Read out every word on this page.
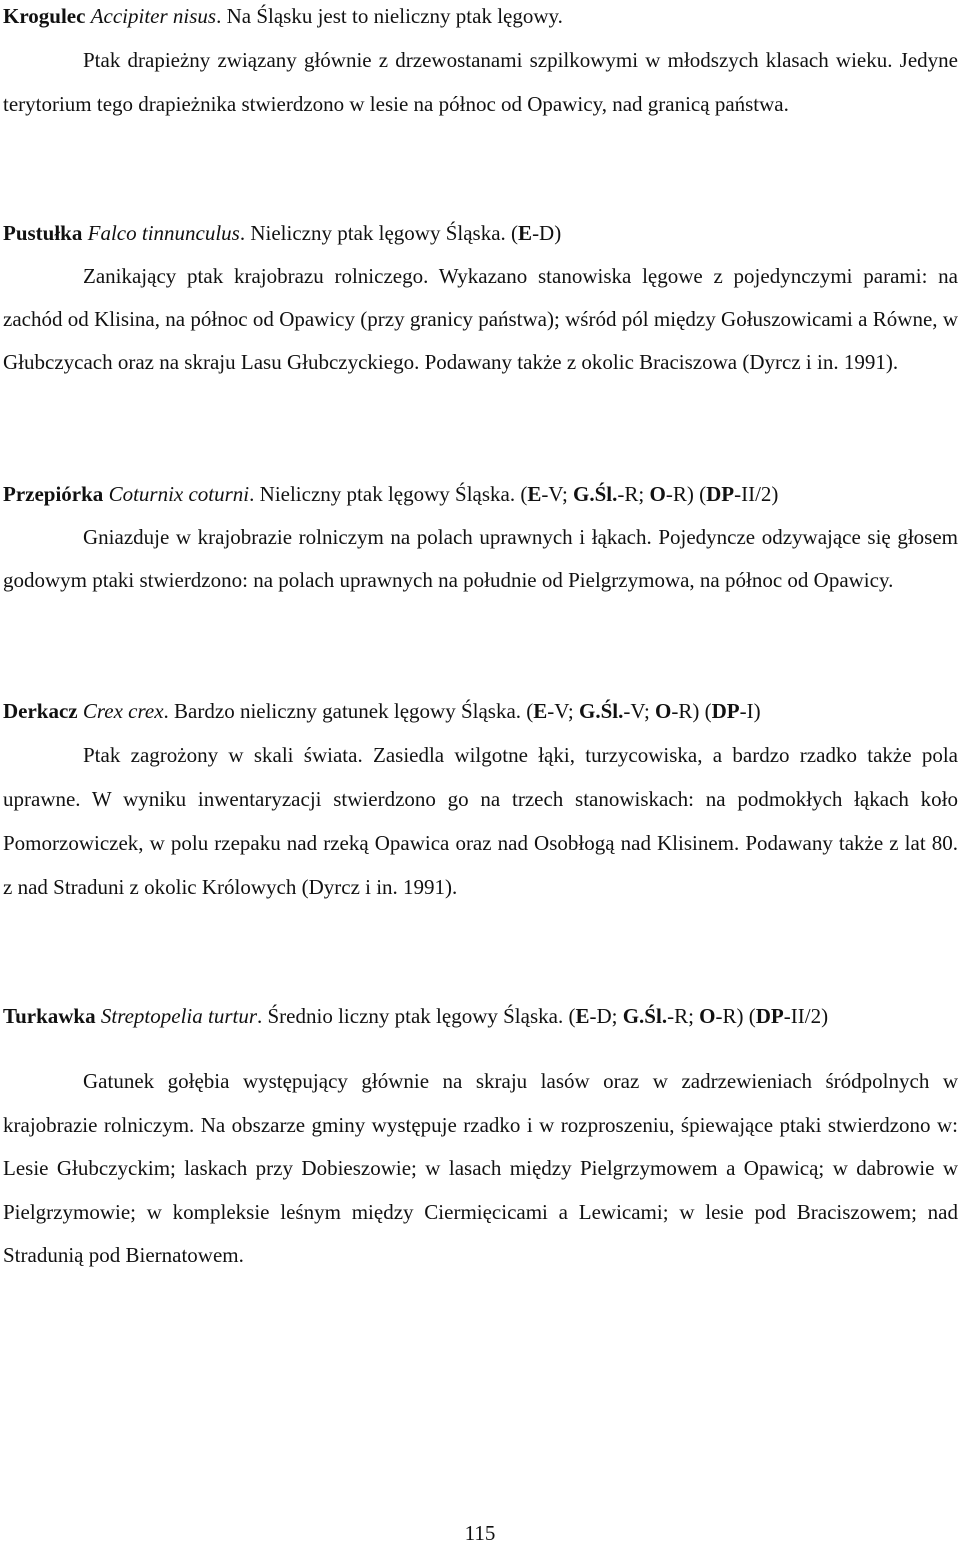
Krogulec Accipiter nisus. Na Śląsku jest to nieliczny ptak lęgowy.

Ptak drapieżny związany głównie z drzewostanami szpilkowymi w młodszych klasach wieku. Jedyne terytorium tego drapieżnika stwierdzono w lesie na północ od Opawicy, nad granicą państwa.

Pustułka Falco tinnunculus. Nieliczny ptak lęgowy Śląska. (E-D)

Zanikający ptak krajobrazu rolniczego. Wykazano stanowiska lęgowe z pojedynczymi parami: na zachód od Klisina, na północ od Opawicy (przy granicy państwa); wśród pól między Gołuszowicami a Równe, w Głubczycach oraz na skraju Lasu Głubczyckiego. Podawany także z okolic Braciszowa (Dyrcz i in. 1991).

Przepiórka Coturnix coturni. Nieliczny ptak lęgowy Śląska. (E-V; G.Śl.-R; O-R) (DP-II/2)

Gniazduje w krajobrazie rolniczym na polach uprawnych i łąkach. Pojedyncze odzywające się głosem godowym ptaki stwierdzono: na polach uprawnych na południe od Pielgrzymowa, na północ od Opawicy.

Derkacz Crex crex. Bardzo nieliczny gatunek lęgowy Śląska. (E-V; G.Śl.-V; O-R) (DP-I)

Ptak zagrożony w skali świata. Zasiedla wilgotne łąki, turzycowiska, a bardzo rzadko także pola uprawne. W wyniku inwentaryzacji stwierdzono go na trzech stanowiskach: na podmokłych łąkach koło Pomorzowiczek, w polu rzepaku nad rzeką Opawica oraz nad Osobłogą nad Klisinem. Podawany także z lat 80. z nad Straduni z okolic Królowych (Dyrcz i in. 1991).

Turkawka Streptopelia turtur. Średnio liczny ptak lęgowy Śląska. (E-D; G.Śl.-R; O-R) (DP-II/2)

Gatunek gołębia występujący głównie na skraju lasów oraz w zadrzewieniach śródpolnych w krajobrazie rolniczym. Na obszarze gminy występuje rzadko i w rozproszeniu, śpiewające ptaki stwierdzono w: Lesie Głubczyckim; laskach przy Dobieszowie; w lasach między Pielgrzymowem a Opawicą; w dabrowie w Pielgrzymowie; w kompleksie leśnym między Ciermięcicami a Lewicami; w lesie pod Braciszowem; nad Stradunią pod Biernatowem.

115
